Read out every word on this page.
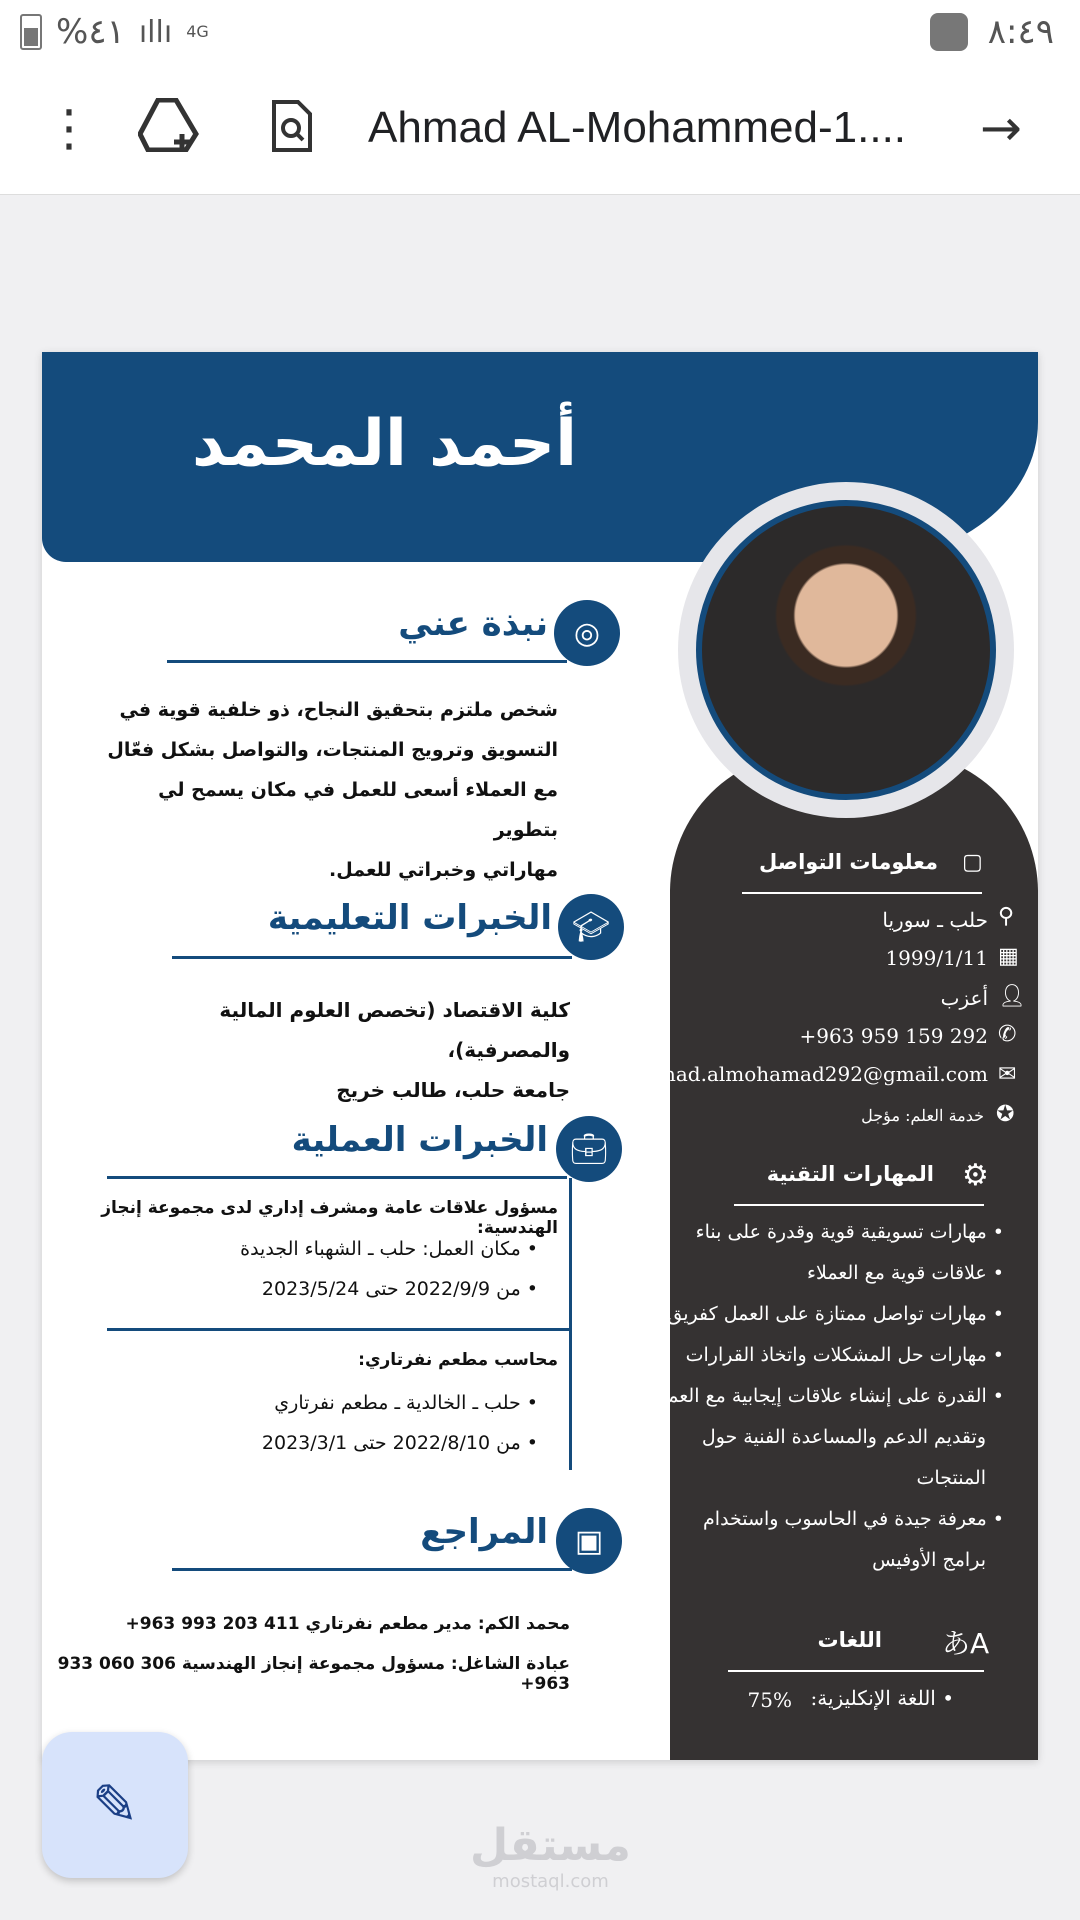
%٤١ ıllı 4G	٨:٤٩
⋮	Ahmad AL-Mohammed-1.... →
أحمد المحمد
◎
نبذة عني
شخص ملتزم بتحقيق النجاح، ذو خلفية قوية في
التسويق وترويج المنتجات، والتواصل بشكل فعّال
مع العملاء أسعى للعمل في مكان يسمح لي بتطوير
مهاراتي وخبراتي للعمل.
🎓︎
الخبرات التعليمية
كلية الاقتصاد (تخصص العلوم المالية والمصرفية)،
جامعة حلب، طالب خريج
💼︎
الخبرات العملية
مسؤول علاقات عامة ومشرف إداري لدى مجموعة إنجاز الهندسية:
• مكان العمل: حلب ـ الشهباء الجديدة
• من 2022/9/9 حتى 2023/5/24
محاسب مطعم نفرتاري:
• حلب ـ الخالدية ـ مطعم نفرتاري
• من 2022/8/10 حتى 2023/3/1
▣
المراجع
محمد الكم: مدير مطعم نفرتاري 411 203 993 963+
عبادة الشاغل: مسؤول مجموعة إنجاز الهندسية 306 060 933 963+
▢
معلومات التواصل
⚲
حلب ـ سوريا
▦
1999/1/11
👤︎
أعزب
✆
+963 959 159 292
✉
ahmad.almohamad292@gmail.com
✪
خدمة العلم: مؤجل
⚙
المهارات التقنية
• مهارات تسويقية قوية وقدرة على بناء
• علاقات قوية مع العملاء
• مهارات تواصل ممتازة على العمل كفريق
• مهارات حل المشكلات واتخاذ القرارات
• القدرة على إنشاء علاقات إيجابية مع العملاء
وتقديم الدعم والمساعدة الفنية حول المنتجات
• معرفة جيدة في الحاسوب واستخدام
برامج الأوفيس
あA
اللغات
• اللغة الإنكليزية:
75%
✎
مستقل
mostaql.com
